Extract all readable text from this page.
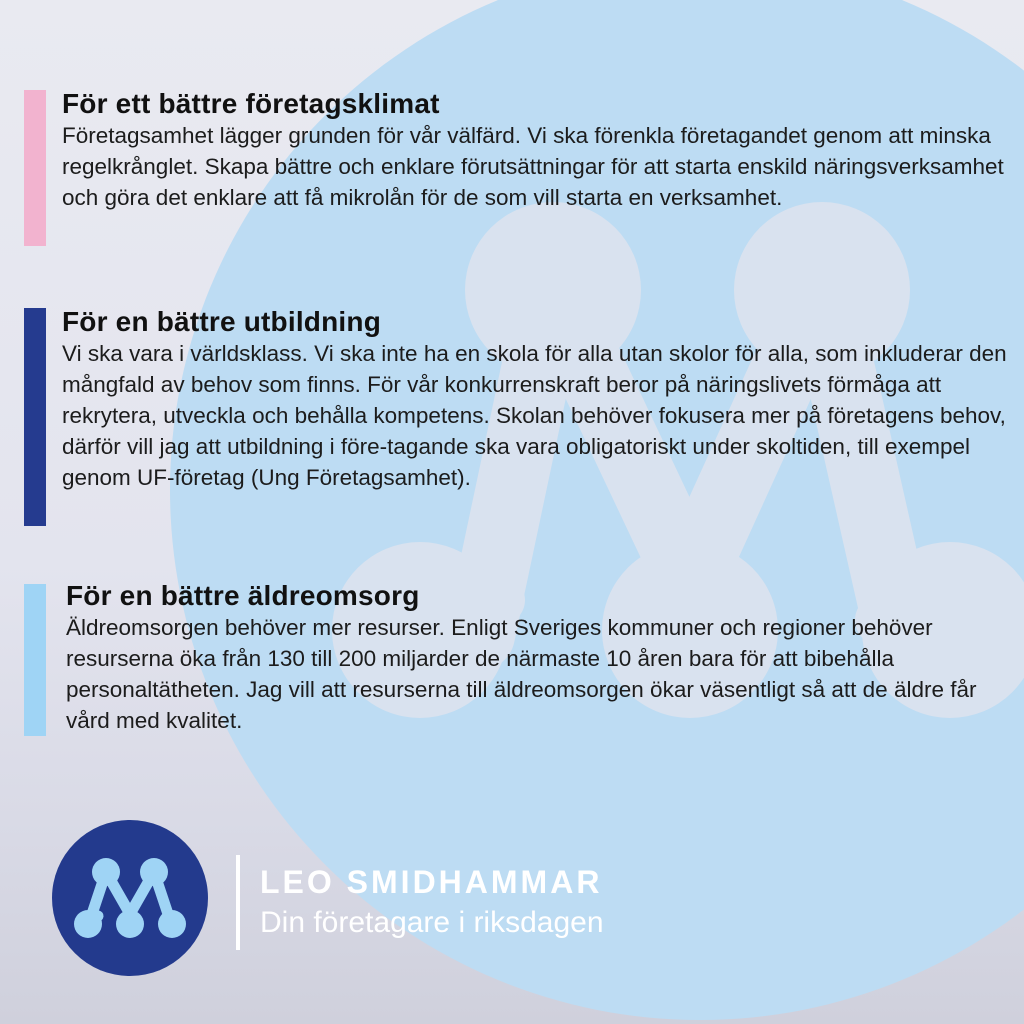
För ett bättre företagsklimat

Företagsamhet lägger grunden för vår välfärd. Vi ska förenkla företagandet genom att minska regelkrånglet. Skapa bättre och enklare förutsättningar för att starta enskild näringsverksamhet och göra det enklare att få mikrolån för de som vill starta en verksamhet.

För en bättre utbildning

Vi ska vara i världsklass. Vi ska inte ha en skola för alla utan skolor för alla, som inkluderar den mångfald av behov som finns. För vår konkurrenskraft beror på näringslivets förmåga att rekrytera, utveckla och behålla kompetens. Skolan behöver fokusera mer på företagens behov, därför vill jag att utbildning i före-tagande ska vara obligatoriskt under skoltiden, till exempel genom UF-företag (Ung Företagsamhet).

För en bättre äldreomsorg

Äldreomsorgen behöver mer resurser. Enligt Sveriges kommuner och regioner behöver resurserna öka från 130 till 200 miljarder de närmaste 10 åren bara för att bibehålla personaltätheten. Jag vill att resurserna till äldreomsorgen ökar väsentligt så att de äldre får vård med kvalitet.

LEO SMIDHAMMAR
Din företagare i riksdagen
